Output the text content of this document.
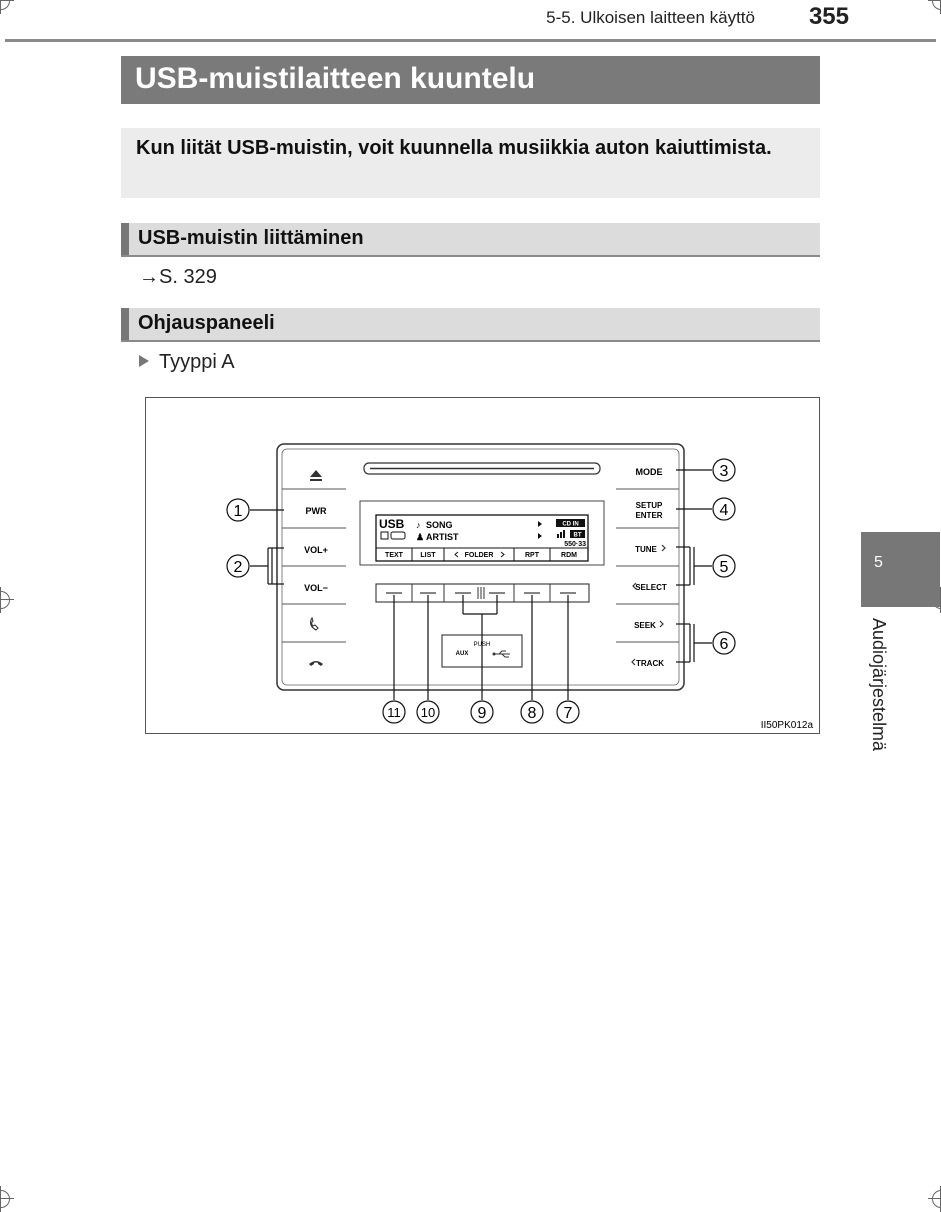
5-5. Ulkoisen laitteen käyttö 355
USB-muistilaitteen kuuntelu
Kun liität USB-muistin, voit kuunnella musiikkia auton kaiuttimista.
USB-muistin liittäminen
→S. 329
Ohjauspaneeli
Tyyppi A
PWR
VOL+
VOL−
MODE
SETUP
ENTER
TUNE
SELECT
SEEK
TRACK
USB ♪ SONG
♟ ARTIST
CD IN
BT
550·33
TEXT LIST	FOLDER	RPT	RDM
PUSH
AUX
1
2
3
4
5
6
7
8
9
10
11
II50PK012a
5
Audiojärjestelmä
